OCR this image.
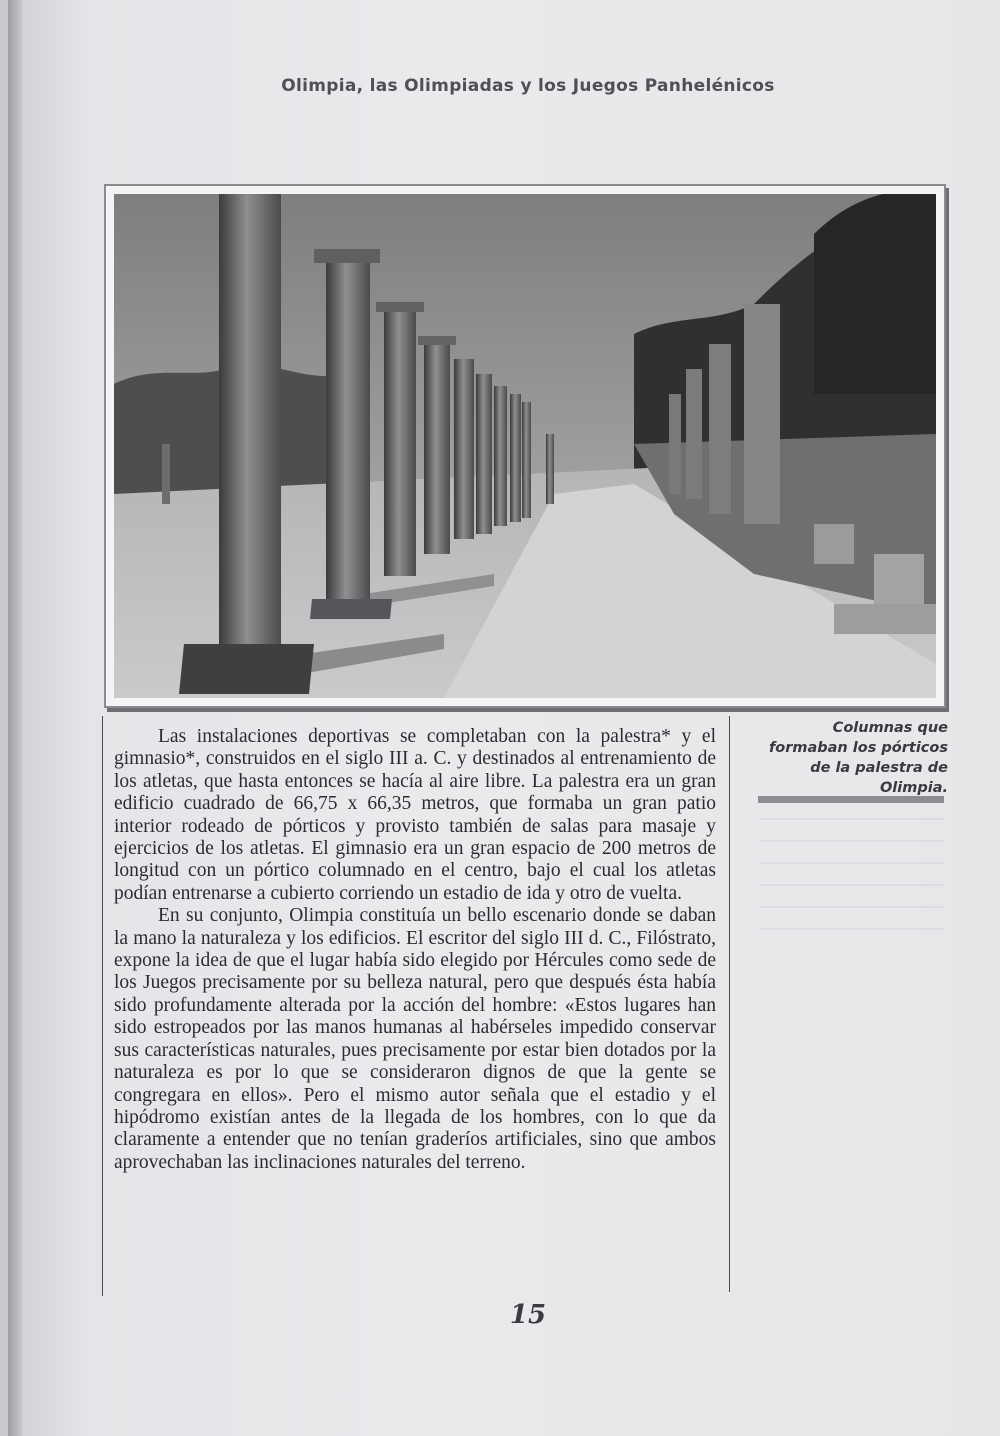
Olimpia, las Olimpiadas y los Juegos Panhelénicos

Las instalaciones deportivas se completaban con la palestra* y el gimnasio*, construidos en el siglo III a. C. y destinados al entrenamiento de los atletas, que hasta entonces se hacía al aire libre. La palestra era un gran edificio cuadrado de 66,75 x 66,35 metros, que formaba un gran patio interior rodeado de pórticos y provisto también de salas para masaje y ejercicios de los atletas. El gimnasio era un gran espacio de 200 metros de longitud con un pórtico columnado en el centro, bajo el cual los atletas podían entrenarse a cubierto corriendo un estadio de ida y otro de vuelta.

En su conjunto, Olimpia constituía un bello escenario donde se daban la mano la naturaleza y los edificios. El escritor del siglo III d. C., Filóstrato, expone la idea de que el lugar había sido elegido por Hércules como sede de los Juegos precisamente por su belleza natural, pero que después ésta había sido profundamente alterada por la acción del hombre: «Estos lugares han sido estropeados por las manos humanas al habérseles impedido conservar sus características naturales, pues precisamente por estar bien dotados por la naturaleza es por lo que se consideraron dignos de que la gente se congregara en ellos». Pero el mismo autor señala que el estadio y el hipódromo existían antes de la llegada de los hombres, con lo que da claramente a entender que no tenían graderíos artificiales, sino que ambos aprovechaban las inclinaciones naturales del terreno.

Columnas que formaban los pórticos de la palestra de Olimpia.
15
